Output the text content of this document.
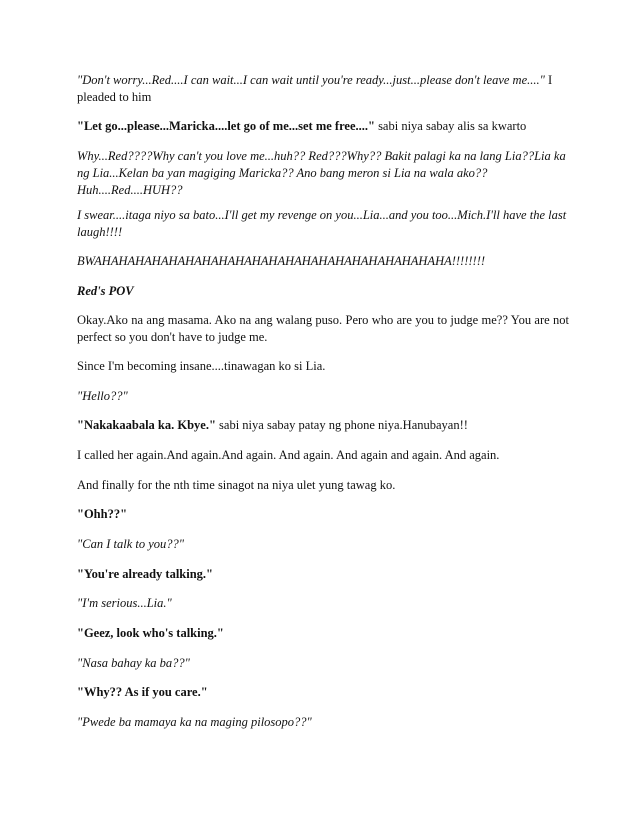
"Don't worry...Red....I can wait...I can wait until you're ready...just...please don't leave me...." I pleaded to him

"Let go...please...Maricka....let go of me...set me free...." sabi niya sabay alis sa kwarto

Why...Red????Why can't you love me...huh?? Red???Why?? Bakit palagi ka na lang Lia??Lia ka ng Lia...Kelan ba yan magiging Maricka?? Ano bang meron si Lia na wala ako?? Huh....Red....HUH??

I swear....itaga niyo sa bato...I'll get my revenge on you...Lia...and you too...Mich.I'll have the last laugh!!!!

BWAHAHAHAHAHAHAHAHAHAHAHAHAHAHAHAHAHAHAHAHAHA!!!!!!!!

Red's POV

Okay.Ako na ang masama. Ako na ang walang puso. Pero who are you to judge me?? You are not perfect so you don't have to judge me.

Since I'm becoming insane....tinawagan ko si Lia.

"Hello??"

"Nakakaabala ka. Kbye." sabi niya sabay patay ng phone niya.Hanubayan!!

I called her again.And again.And again. And again. And again and again. And again.

And finally for the nth time sinagot na niya ulet yung tawag ko.

"Ohh??"

"Can I talk to you??"

"You're already talking."

"I'm serious...Lia."

"Geez, look who's talking."

"Nasa bahay ka ba??"

"Why?? As if you care."

"Pwede ba mamaya ka na maging pilosopo??"
